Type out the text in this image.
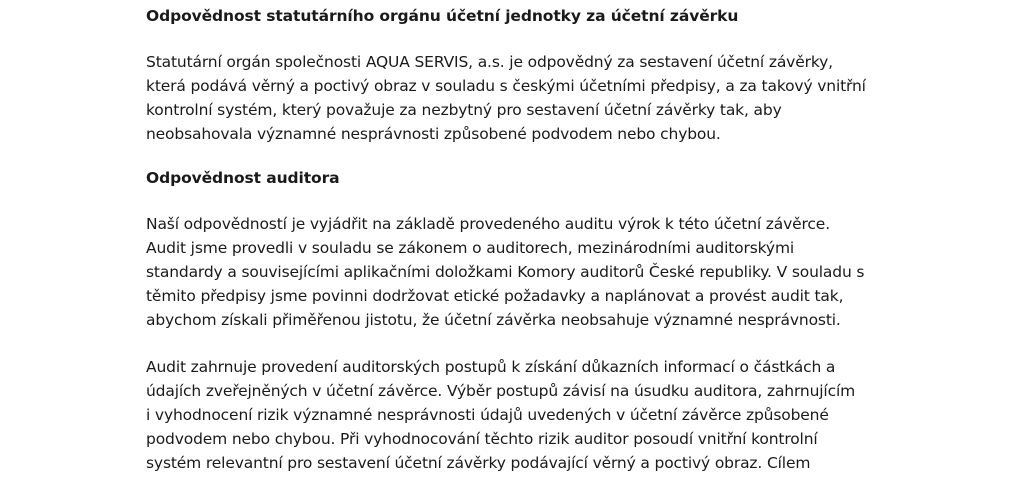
Odpovědnost statutárního orgánu účetní jednotky za účetní závěrku

Statutární orgán společnosti AQUA SERVIS, a.s. je odpovědný za sestavení účetní závěrky,
která podává věrný a poctivý obraz v souladu s českými účetními předpisy, a za takový vnitřní
kontrolní systém, který považuje za nezbytný pro sestavení účetní závěrky tak, aby
neobsahovala významné nesprávnosti způsobené podvodem nebo chybou.

Odpovědnost auditora

Naší odpovědností je vyjádřit na základě provedeného auditu výrok k této účetní závěrce.
Audit jsme provedli v souladu se zákonem o auditorech, mezinárodními auditorskými
standardy a souvisejícími aplikačními doložkami Komory auditorů České republiky. V souladu s
těmito předpisy jsme povinni dodržovat etické požadavky a naplánovat a provést audit tak,
abychom získali přiměřenou jistotu, že účetní závěrka neobsahuje významné nesprávnosti.

Audit zahrnuje provedení auditorských postupů k získání důkazních informací o částkách a
údajích zveřejněných v účetní závěrce. Výběr postupů závisí na úsudku auditora, zahrnujícím
i vyhodnocení rizik významné nesprávnosti údajů uvedených v účetní závěrce způsobené
podvodem nebo chybou. Při vyhodnocování těchto rizik auditor posoudí vnitřní kontrolní
systém relevantní pro sestavení účetní závěrky podávající věrný a poctivý obraz. Cílem
